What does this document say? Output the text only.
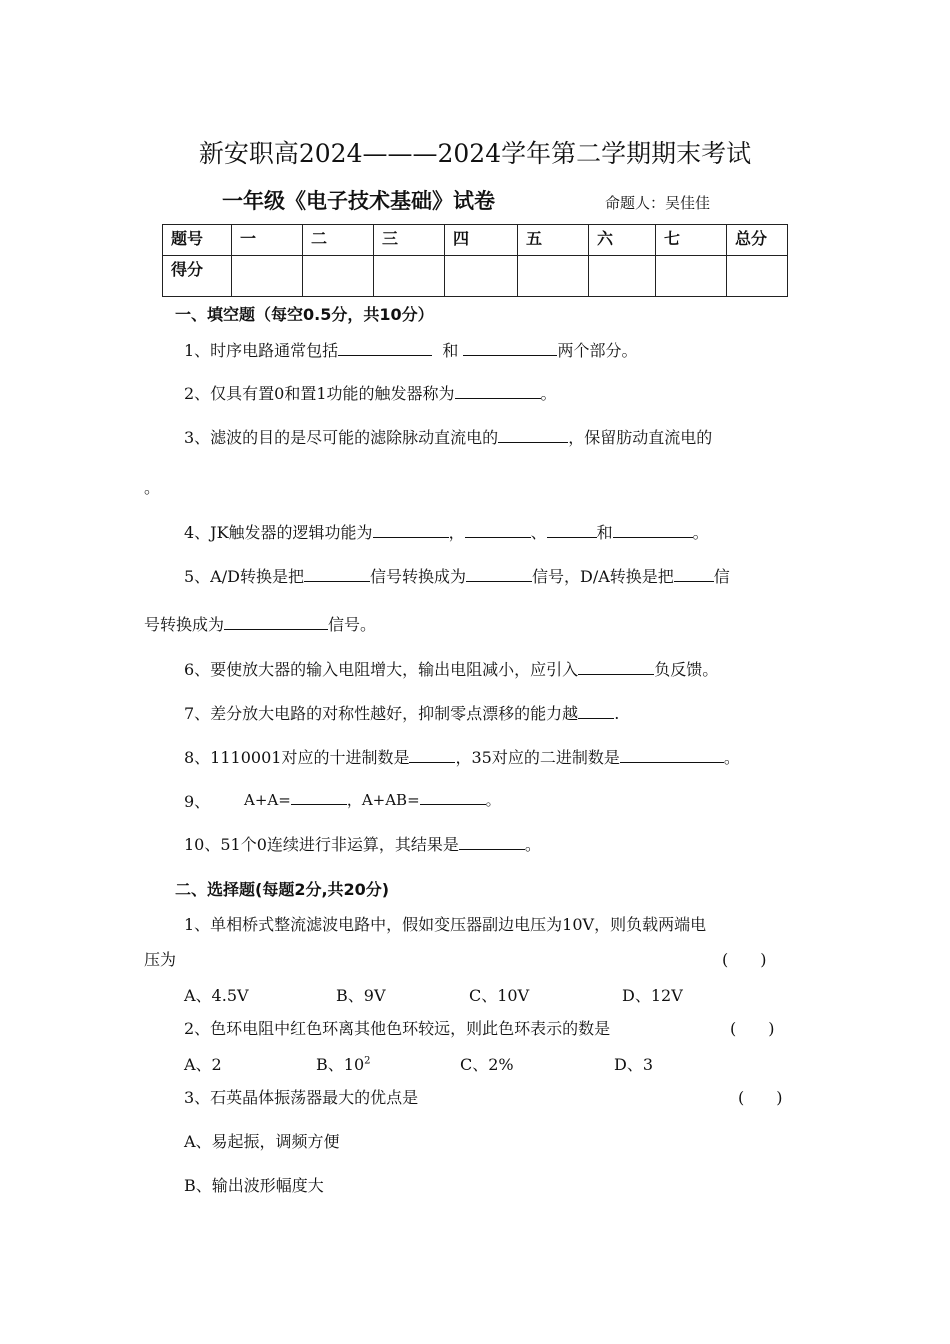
新安职高2024———2024学年第二学期期末考试
一年级《电子技术基础》试卷	命题人：吴佳佳
题号	一	二	三	四	五	六	七	总分
得分								
一、填空题（每空0.5分，共10分）
1、时序电路通常包括	和	两个部分。
2、仅具有置0和置1功能的触发器称为	。
3、滤波的目的是尽可能的滤除脉动直流电的	，保留肪动直流电的
。
4、JK触发器的逻辑功能为	，	、	和	。
5、A/D转换是把	信号转换成为	信号，D/A转换是把	信
号转换成为	信号。
6、要使放大器的输入电阻增大，输出电阻减小，应引入	负反馈。
7、差分放大电路的对称性越好，抑制零点漂移的能力越 .
8、1110001对应的十进制数是	，35对应的二进制数是	。
9、 A+A=	，A+AB=	。
10、51个0连续进行非运算，其结果是	。
二、选择题(每题2分,共20分)
1、单相桥式整流滤波电路中，假如变压器副边电压为10V，则负载两端电
压为	(　　)
A、4.5V	B、9V	C、10V	D、12V
2、色环电阻中红色环离其他色环较远，则此色环表示的数是	(　　)
A、2	B、$10^2$	C、2%	D、3
3、石英晶体振荡器最大的优点是	(　　)
A、易起振，调频方便
B、输出波形幅度大
